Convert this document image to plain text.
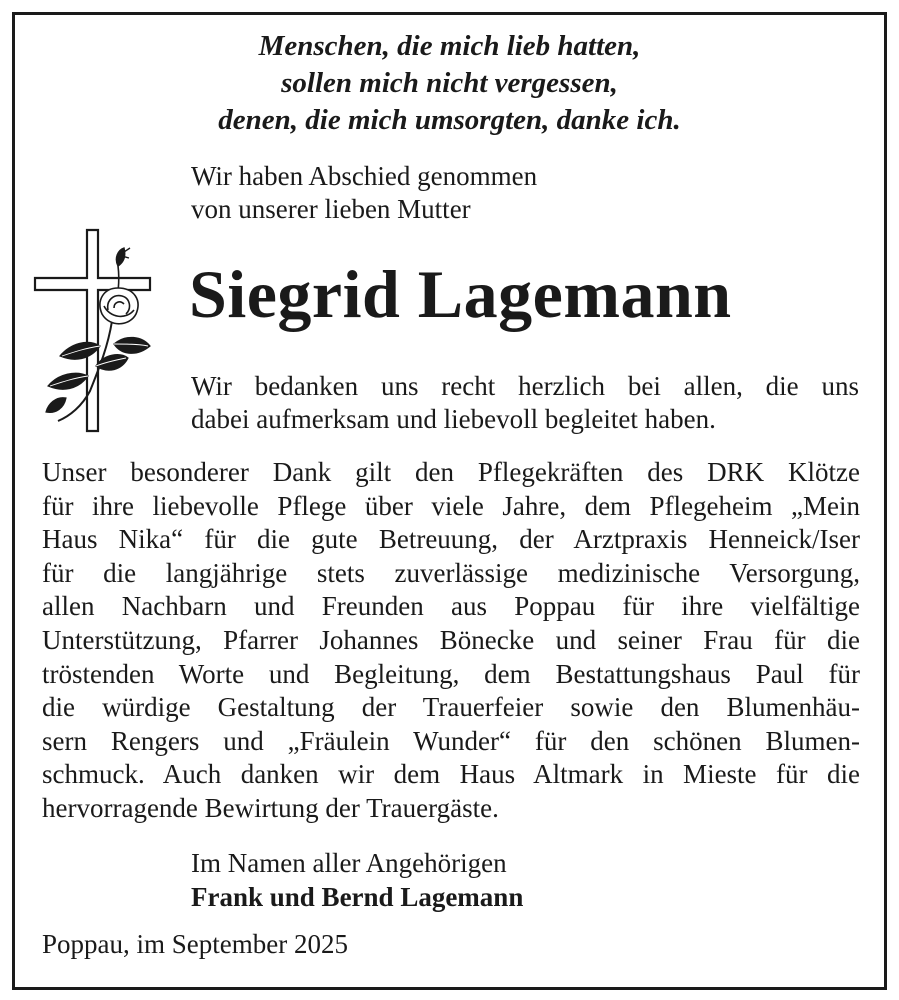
Menschen, die mich lieb hatten,
sollen mich nicht vergessen,
denen, die mich umsorgten, danke ich.
Wir haben Abschied genommen
von unserer lieben Mutter
Siegrid Lagemann
Wir bedanken uns recht herzlich bei allen, die uns
dabei aufmerksam und liebevoll begleitet haben.
Unser besonderer Dank gilt den Pflegekräften des DRK Klötze
für ihre liebevolle Pflege über viele Jahre, dem Pflegeheim „Mein
Haus Nika“ für die gute Betreuung, der Arztpraxis Henneick/Iser
für die langjährige stets zuverlässige medizinische Versorgung,
allen Nachbarn und Freunden aus Poppau für ihre vielfältige
Unterstützung, Pfarrer Johannes Bönecke und seiner Frau für die
tröstenden Worte und Begleitung, dem Bestattungshaus Paul für
die würdige Gestaltung der Trauerfeier sowie den Blumenhäu-
sern Rengers und „Fräulein Wunder“ für den schönen Blumen-
schmuck. Auch danken wir dem Haus Altmark in Mieste für die
hervorragende Bewirtung der Trauergäste.
Im Namen aller Angehörigen
Frank und Bernd Lagemann
Poppau, im September 2025
